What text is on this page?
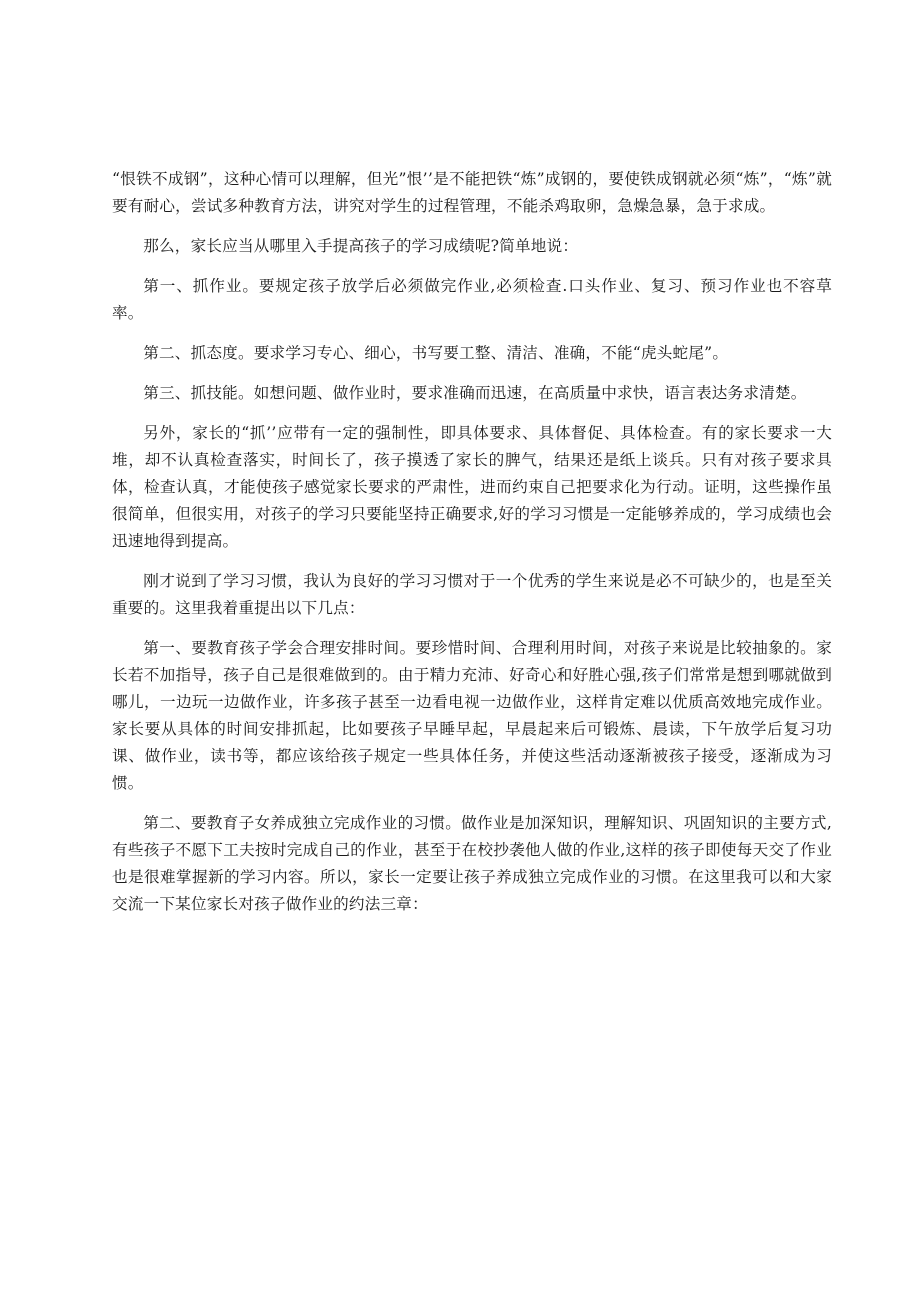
“恨铁不成钢”，这种心情可以理解，但光”恨’’是不能把铁“炼”成钢的，要使铁成钢就必须“炼”，“炼”就要有耐心，尝试多种教育方法，讲究对学生的过程管理，不能杀鸡取卵，急燥急暴，急于求成。

那么，家长应当从哪里入手提高孩子的学习成绩呢?简单地说：

第一、抓作业。要规定孩子放学后必须做完作业,必须检查.口头作业、复习、预习作业也不容草率。

第二、抓态度。要求学习专心、细心，书写要工整、清洁、准确，不能“虎头蛇尾”。

第三、抓技能。如想问题、做作业时，要求准确而迅速，在高质量中求快，语言表达务求清楚。

另外，家长的“抓’’应带有一定的强制性，即具体要求、具体督促、具体检查。有的家长要求一大堆，却不认真检查落实，时间长了，孩子摸透了家长的脾气，结果还是纸上谈兵。只有对孩子要求具体，检查认真，才能使孩子感觉家长要求的严肃性，进而约束自己把要求化为行动。证明，这些操作虽很简单，但很实用，对孩子的学习只要能坚持正确要求,好的学习习惯是一定能够养成的，学习成绩也会迅速地得到提高。

刚才说到了学习习惯，我认为良好的学习习惯对于一个优秀的学生来说是必不可缺少的，也是至关重要的。这里我着重提出以下几点：

第一、要教育孩子学会合理安排时间。要珍惜时间、合理利用时间，对孩子来说是比较抽象的。家长若不加指导，孩子自己是很难做到的。由于精力充沛、好奇心和好胜心强,孩子们常常是想到哪就做到哪儿，一边玩一边做作业，许多孩子甚至一边看电视一边做作业，这样肯定难以优质高效地完成作业。家长要从具体的时间安排抓起，比如要孩子早睡早起，早晨起来后可锻炼、晨读，下午放学后复习功课、做作业，读书等，都应该给孩子规定一些具体任务，并使这些活动逐渐被孩子接受，逐渐成为习惯。

第二、要教育子女养成独立完成作业的习惯。做作业是加深知识，理解知识、巩固知识的主要方式,有些孩子不愿下工夫按时完成自己的作业，甚至于在校抄袭他人做的作业,这样的孩子即使每天交了作业也是很难掌握新的学习内容。所以，家长一定要让孩子养成独立完成作业的习惯。在这里我可以和大家交流一下某位家长对孩子做作业的约法三章：
